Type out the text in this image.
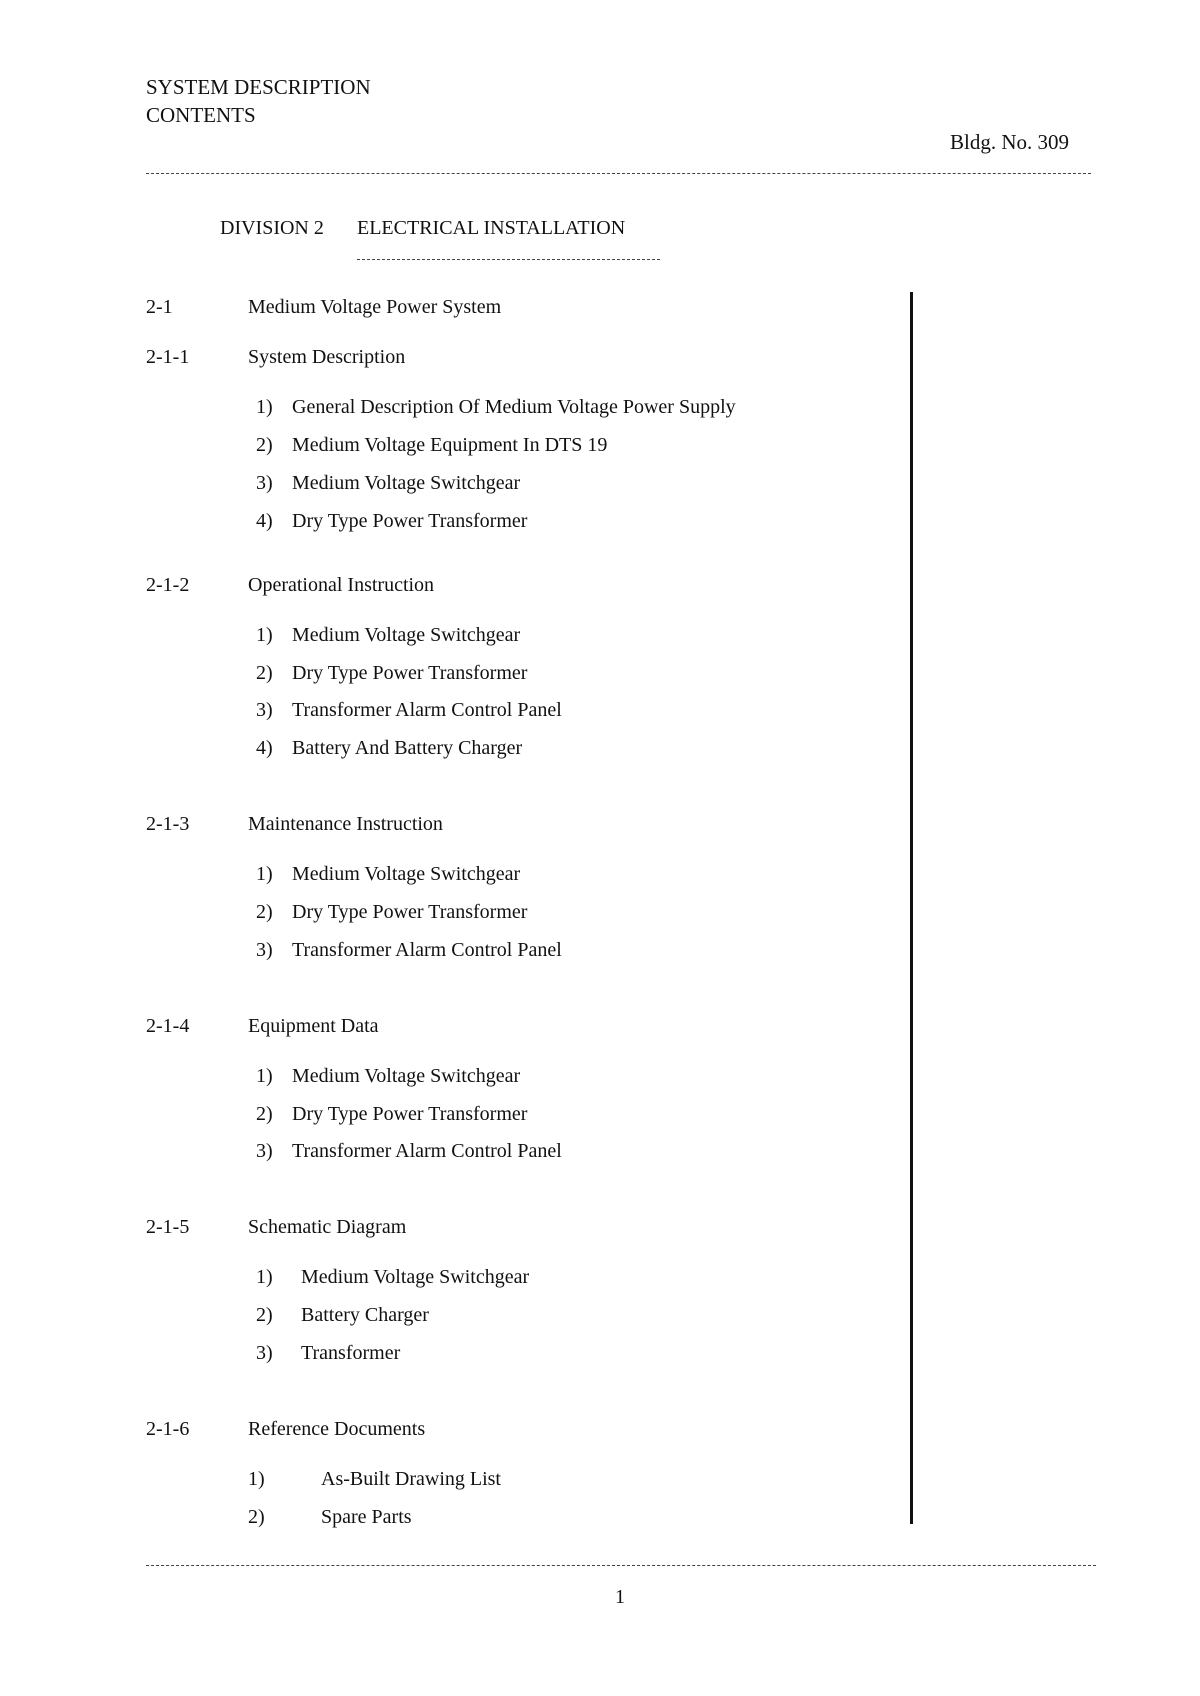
SYSTEM DESCRIPTION

CONTENTS

Bldg. No. 309

DIVISION 2 ELECTRICAL INSTALLATION

2-1	Medium Voltage Power System

2-1-1	System Description

1) General Description Of Medium Voltage Power Supply

2) Medium Voltage Equipment In DTS 19

3) Medium Voltage Switchgear

4) Dry Type Power Transformer

2-1-2	Operational Instruction

1) Medium Voltage Switchgear

2) Dry Type Power Transformer

3) Transformer Alarm Control Panel

4) Battery And Battery Charger

2-1-3	Maintenance Instruction

1) Medium Voltage Switchgear

2) Dry Type Power Transformer

3) Transformer Alarm Control Panel

2-1-4	Equipment Data

1) Medium Voltage Switchgear

2) Dry Type Power Transformer

3) Transformer Alarm Control Panel

2-1-5	Schematic Diagram

1) Medium Voltage Switchgear

2) Battery Charger

3) Transformer

2-1-6	Reference Documents

1)	As-Built Drawing List

2)	Spare Parts

1
